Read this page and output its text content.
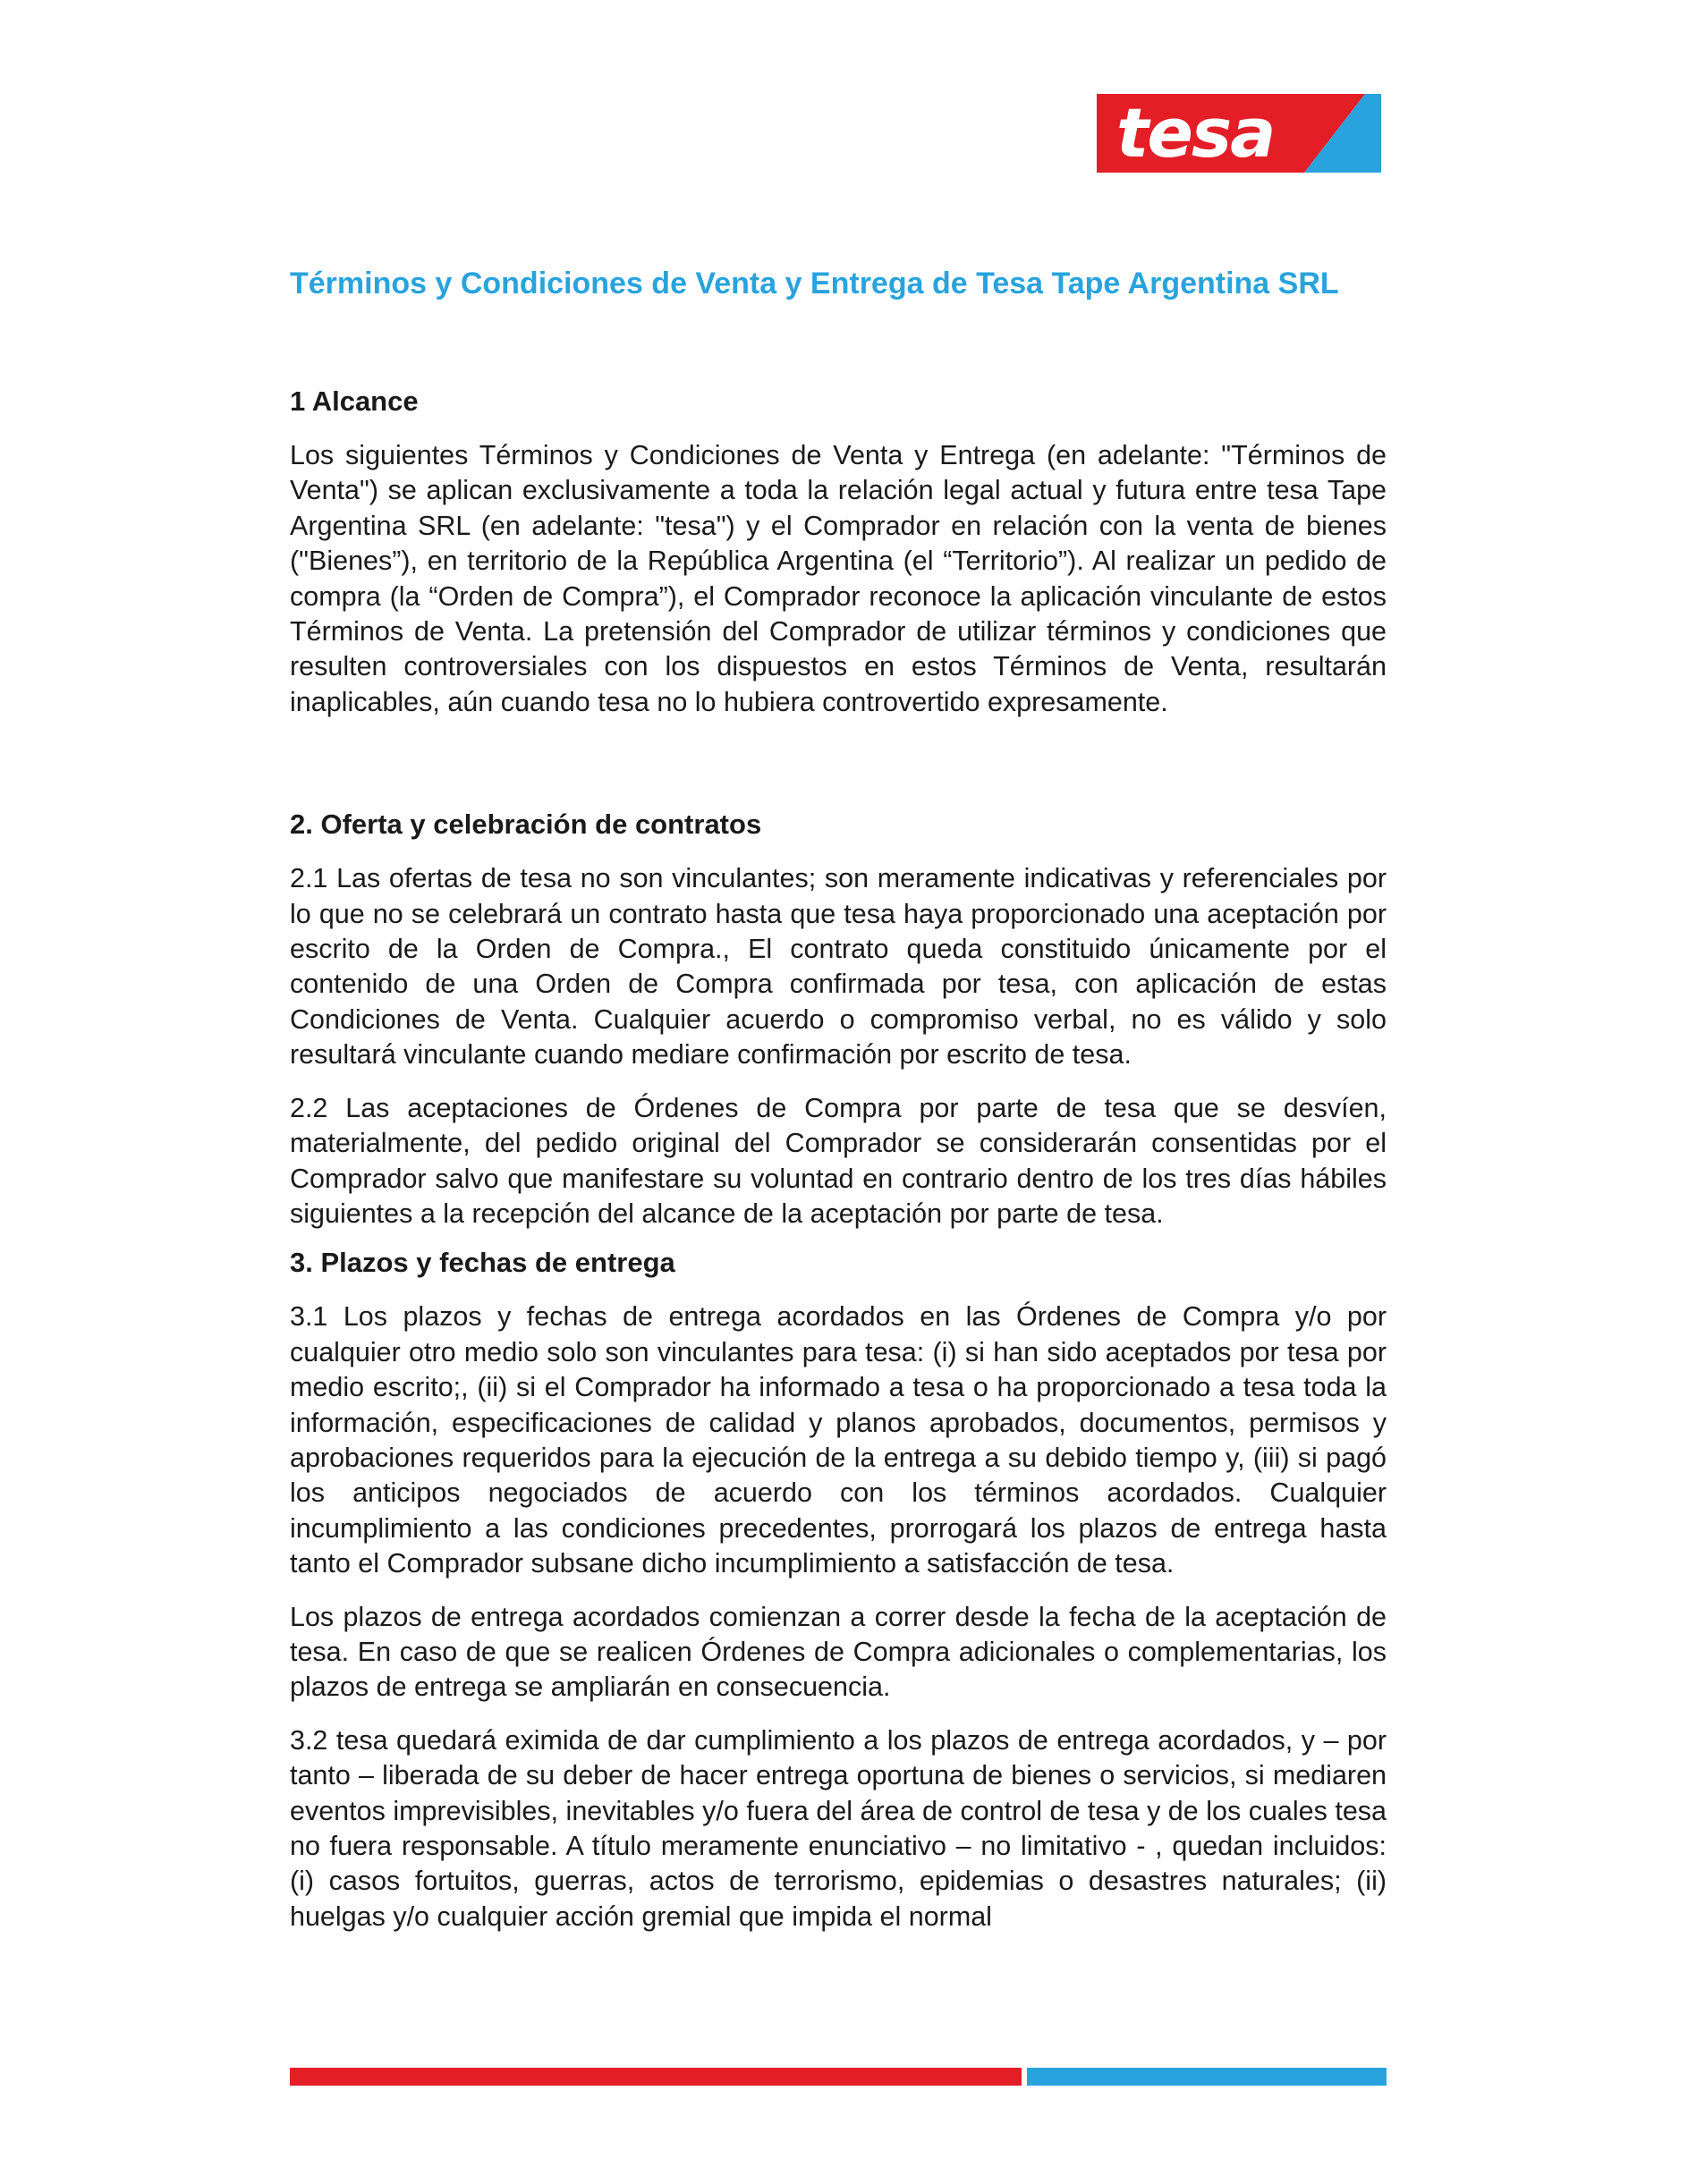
tesa
Términos y Condiciones de Venta y Entrega de Tesa Tape Argentina SRL
1 Alcance

Los siguientes Términos y Condiciones de Venta y Entrega (en adelante: "Términos de Venta") se aplican exclusivamente a toda la relación legal actual y futura entre tesa Tape Argentina SRL (en adelante: "tesa") y el Comprador en relación con la venta de bienes ("Bienes”), en territorio de la República Argentina (el “Territorio”). Al realizar un pedido de compra (la “Orden de Compra”), el Comprador reconoce la aplicación vinculante de estos Términos de Venta. La pretensión del Comprador de utilizar términos y condiciones que resulten controversiales con los dispuestos en estos Términos de Venta, resultarán inaplicables, aún cuando tesa no lo hubiera controvertido expresamente.

2. Oferta y celebración de contratos

2.1 Las ofertas de tesa no son vinculantes; son meramente indicativas y referenciales por lo que no se celebrará un contrato hasta que tesa haya proporcionado una aceptación por escrito de la Orden de Compra., El contrato queda constituido únicamente por el contenido de una Orden de Compra confirmada por tesa, con aplicación de estas Condiciones de Venta. Cualquier acuerdo o compromiso verbal, no es válido y solo resultará vinculante cuando mediare confirmación por escrito de tesa.

2.2 Las aceptaciones de Órdenes de Compra por parte de tesa que se desvíen, materialmente, del pedido original del Comprador se considerarán consentidas por el Comprador salvo que manifestare su voluntad en contrario dentro de los tres días hábiles siguientes a la recepción del alcance de la aceptación por parte de tesa.

3. Plazos y fechas de entrega

3.1 Los plazos y fechas de entrega acordados en las Órdenes de Compra y/o por cualquier otro medio solo son vinculantes para tesa: (i) si han sido aceptados por tesa por medio escrito;, (ii) si el Comprador ha informado a tesa o ha proporcionado a tesa toda la información, especificaciones de calidad y planos aprobados, documentos, permisos y aprobaciones requeridos para la ejecución de la entrega a su debido tiempo y, (iii) si pagó los anticipos negociados de acuerdo con los términos acordados. Cualquier incumplimiento a las condiciones precedentes, prorrogará los plazos de entrega hasta tanto el Comprador subsane dicho incumplimiento a satisfacción de tesa.

Los plazos de entrega acordados comienzan a correr desde la fecha de la aceptación de tesa. En caso de que se realicen Órdenes de Compra adicionales o complementarias, los plazos de entrega se ampliarán en consecuencia.

3.2 tesa quedará eximida de dar cumplimiento a los plazos de entrega acordados, y – por tanto – liberada de su deber de hacer entrega oportuna de bienes o servicios, si mediaren eventos imprevisibles, inevitables y/o fuera del área de control de tesa y de los cuales tesa no fuera responsable. A título meramente enunciativo – no limitativo - , quedan incluidos: (i) casos fortuitos, guerras, actos de terrorismo, epidemias o desastres naturales; (ii) huelgas y/o cualquier acción gremial que impida el normal
